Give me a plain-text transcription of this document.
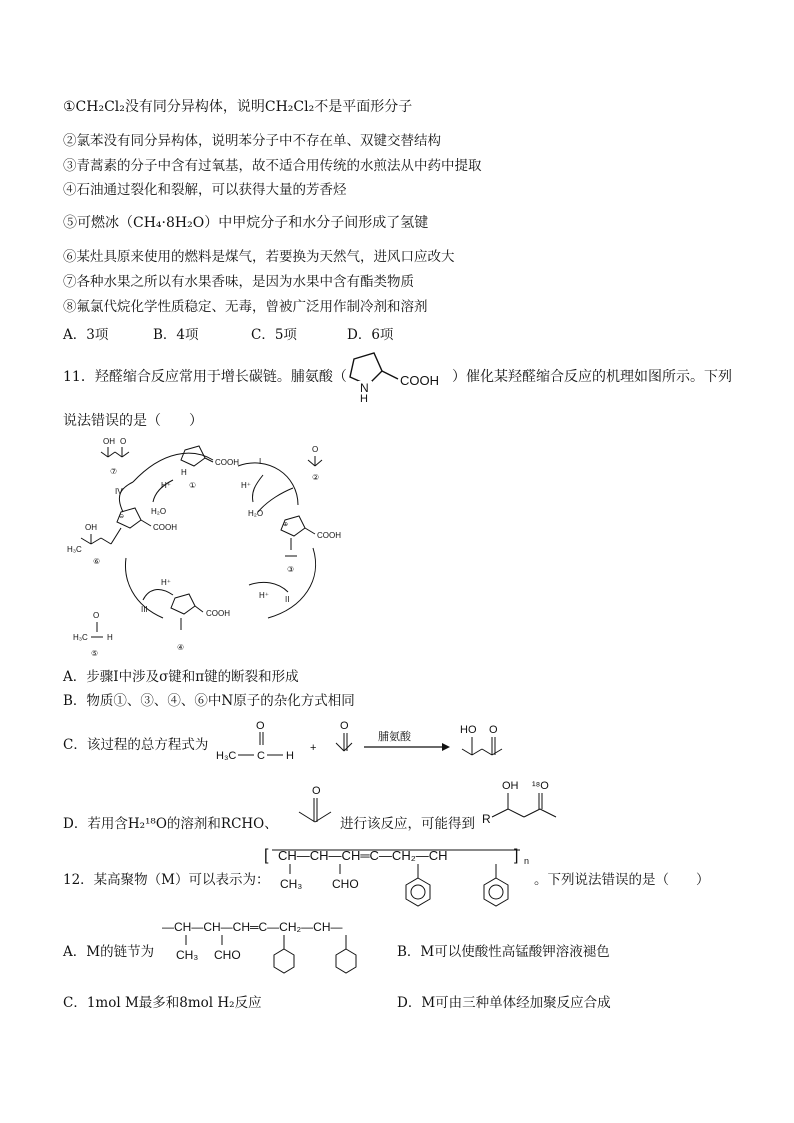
①CH₂Cl₂没有同分异构体，说明CH₂Cl₂不是平面形分子
②氯苯没有同分异构体，说明苯分子中不存在单、双键交替结构
③青蒿素的分子中含有过氧基，故不适合用传统的水煎法从中药中提取
④石油通过裂化和裂解，可以获得大量的芳香烃
⑤可燃冰（CH₄·8H₂O）中甲烷分子和水分子间形成了氢键
⑥某灶具原来使用的燃料是煤气，若要换为天然气，进风口应改大
⑦各种水果之所以有水果香味，是因为水果中含有酯类物质
⑧氟氯代烷化学性质稳定、无毒，曾被广泛用作制冷剂和溶剂
A．3项	B．4项	C．5项	D．6项
11．羟醛缩合反应常用于增长碳链。脯氨酸（
N
H
COOH ）催化某羟醛缩合反应的机理如图所示。下列
说法错误的是（　　）
OH O
⑦	H
COOH
①
I
IV
II
III
H⁺	H⁺
H⁺
H⁺
H₂O	H₂O
O
②
⊕
COOH
③
⊖
COOH
OH
H₃C
⑥
COOH
④
O
H₃C H
⑤
A．步骤Ⅰ中涉及σ键和π键的断裂和形成
B．物质①、③、④、⑥中N原子的杂化方式相同
C．该过程的总方程式为
O
H₃C C H
+
O
脯氨酸
HO O
D．若用含H₂¹⁸O的溶剂和RCHO、
O
进行该反应，可能得到 R
OH ¹⁸O
12．某高聚物（M）可以表示为：
[ CH—CH—CH═C—CH₂—CH	] n
CH₃ CHO	。下列说法错误的是（　　）
A．M的链节为
—CH—CH—CH═C—CH₂—CH—
CH₃ CHO	B．M可以使酸性高锰酸钾溶液褪色
C．1mol M最多和8mol H₂反应	D．M可由三种单体经加聚反应合成
